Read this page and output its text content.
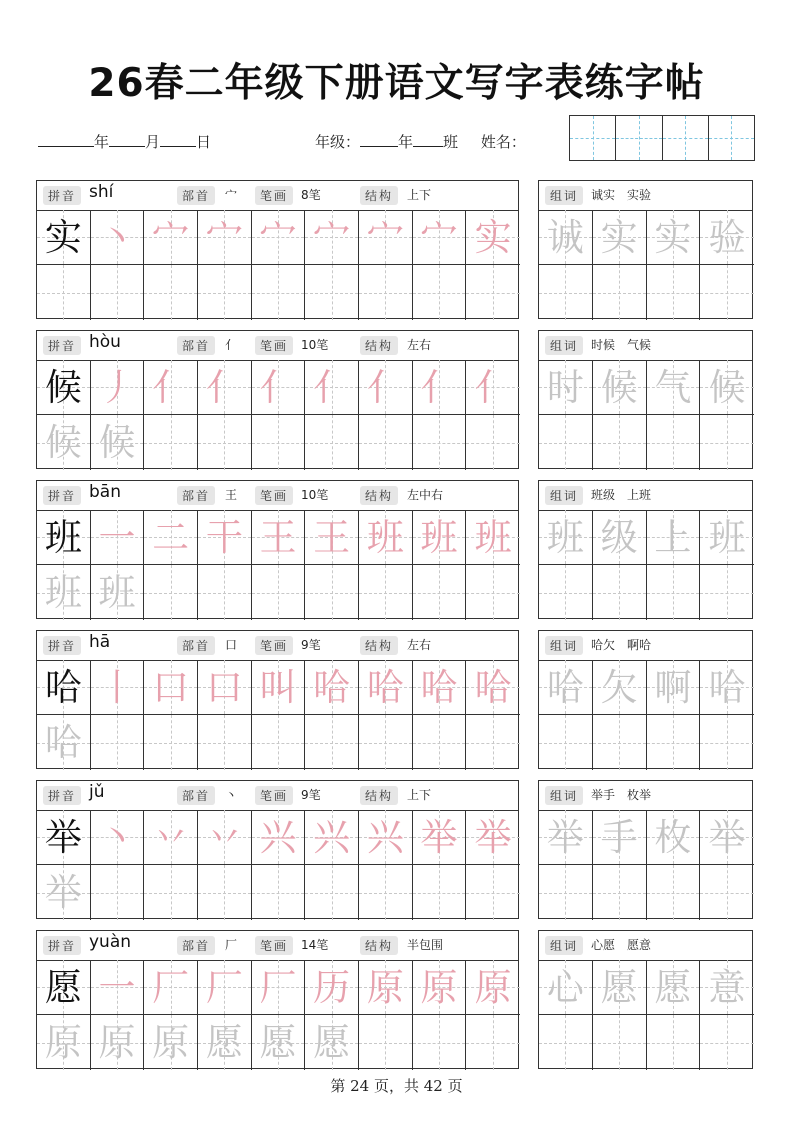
26春二年级下册语文写字表练字帖
年 月 日	年级：	年 班 姓名：
拼音 shí	部首	宀	笔画	8笔	结构	上下
实 丶 宀 宀 宀 宀 宀 宀 实
组词	诚实　实验
诚 实 实 验
拼音 hòu	部首	亻	笔画	10笔	结构	左右
候 丿 亻 亻 亻 亻 亻 亻 亻
候 候
组词	时候　气候
时 候 气 候
拼音 bān	部首	王	笔画	10笔	结构	左中右
班 一 二 干 王 王 班 班 班
班 班
组词	班级　上班
班 级 上 班
拼音 hā	部首	口	笔画	9笔	结构	左右
哈 丨 口 口 叫 哈 哈 哈 哈
哈
组词	哈欠　啊哈
哈 欠 啊 哈
拼音 jǔ	部首	丶	笔画	9笔	结构	上下
举 丶 丷 丷 兴 兴 兴 举 举
举
组词	举手　枚举
举 手 枚 举
拼音 yuàn	部首	厂	笔画	14笔	结构	半包围
愿 一 厂 厂 厂 历 原 原 原
原 原 原 愿 愿 愿
组词	心愿　愿意
心 愿 愿 意
第 24 页，共 42 页
